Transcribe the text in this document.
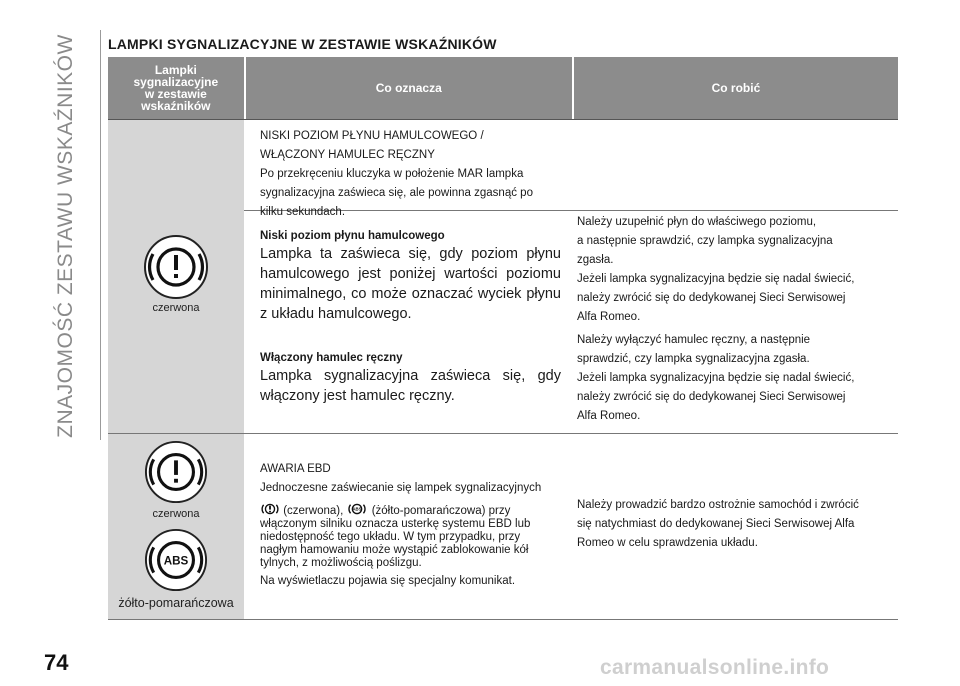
ZNAJOMOŚĆ ZESTAWU WSKAŹNIKÓW LAMPKI SYGNALIZACYJNE W ZESTAWIE WSKAŹNIKÓW
Lampki
sygnalizacyjne
w zestawie
wskaźników
Co oznacza	Co robić
czerwona
NISKI POZIOM PŁYNU HAMULCOWEGO /
WŁĄCZONY HAMULEC RĘCZNY
Po przekręceniu kluczyka w położenie MAR lampka
sygnalizacyjna zaświeca się, ale powinna zgasnąć po
kilku sekundach.
Niski poziom płynu hamulcowego
Lampka ta zaświeca się, gdy poziom płynu hamulcowego jest poniżej wartości poziomu minimalnego, co może oznaczać wyciek płynu z układu hamulcowego.
Należy uzupełnić płyn do właściwego poziomu,
a następnie sprawdzić, czy lampka sygnalizacyjna
zgasła.
Jeżeli lampka sygnalizacyjna będzie się nadal świecić,
należy zwrócić się do dedykowanej Sieci Serwisowej
Alfa Romeo.
Włączony hamulec ręczny
Lampka sygnalizacyjna zaświeca się, gdy włączony jest hamulec ręczny.
Należy wyłączyć hamulec ręczny, a następnie
sprawdzić, czy lampka sygnalizacyjna zgasła.
Jeżeli lampka sygnalizacyjna będzie się nadal świecić,
należy zwrócić się do dedykowanej Sieci Serwisowej
Alfa Romeo.
czerwona
ABS
żółto-pomarańczowa
AWARIA EBD
Jednoczesne zaświecanie się lampek sygnalizacyjnych
(czerwona), ABS (żółto-pomarańczowa) przy
włączonym silniku oznacza usterkę systemu EBD lub
niedostępność tego układu. W tym przypadku, przy
nagłym hamowaniu może wystąpić zablokowanie kół
tylnych, z możliwością poślizgu.
Na wyświetlaczu pojawia się specjalny komunikat.
Należy prowadzić bardzo ostrożnie samochód i zwrócić
się natychmiast do dedykowanej Sieci Serwisowej Alfa
Romeo w celu sprawdzenia układu.
74	carmanualsonline.info
